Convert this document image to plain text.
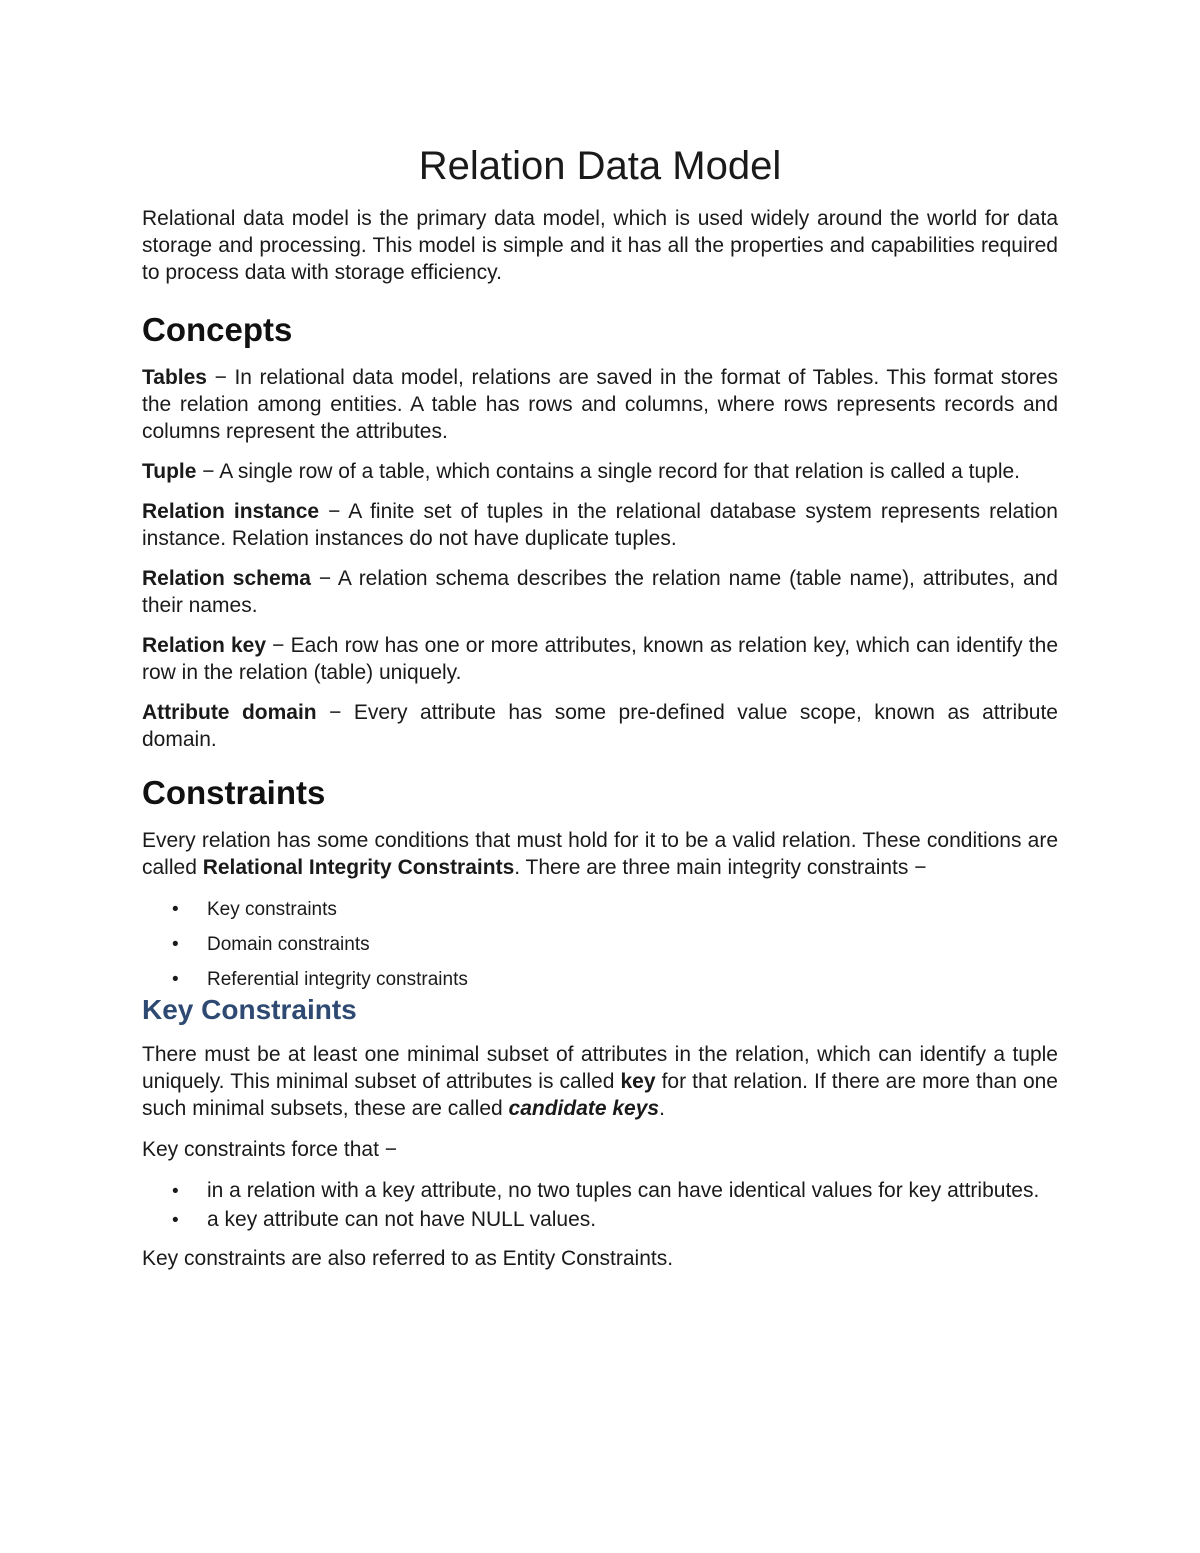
Relation Data Model

Relational data model is the primary data model, which is used widely around the world for data storage and processing. This model is simple and it has all the properties and capabilities required to process data with storage efficiency.

Concepts

Tables − In relational data model, relations are saved in the format of Tables. This format stores the relation among entities. A table has rows and columns, where rows represents records and columns represent the attributes.

Tuple − A single row of a table, which contains a single record for that relation is called a tuple.

Relation instance − A finite set of tuples in the relational database system represents relation instance. Relation instances do not have duplicate tuples.

Relation schema − A relation schema describes the relation name (table name), attributes, and their names.

Relation key − Each row has one or more attributes, known as relation key, which can identify the row in the relation (table) uniquely.

Attribute domain − Every attribute has some pre-defined value scope, known as attribute domain.

Constraints

Every relation has some conditions that must hold for it to be a valid relation. These conditions are called Relational Integrity Constraints. There are three main integrity constraints −

• Key constraints
• Domain constraints
• Referential integrity constraints
Key Constraints

There must be at least one minimal subset of attributes in the relation, which can identify a tuple uniquely. This minimal subset of attributes is called key for that relation. If there are more than one such minimal subsets, these are called candidate keys.

Key constraints force that −

• in a relation with a key attribute, no two tuples can have identical values for key attributes.
• a key attribute can not have NULL values.

Key constraints are also referred to as Entity Constraints.
